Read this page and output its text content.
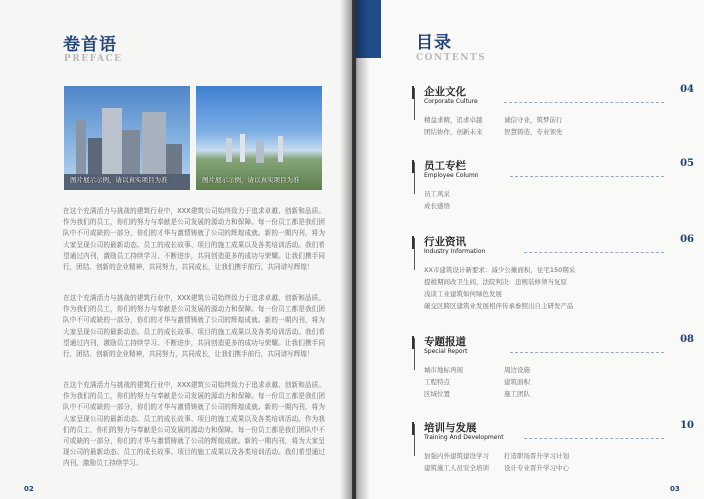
卷首语
PREFACE
图片展示示例，请以真实项目为准	图片展示示例，请以真实项目为准
在这个充满活力与挑战的建筑行业中，XXX建筑公司始终致力于追求卓越、创新和品质。作为我们的员工，你们的努力与奉献是公司发展的源动力和保障。每一份员工都是我们团队中不可或缺的一部分，你们的才华与激情铸就了公司的辉煌成就。新的一期内刊，将为大家呈现公司的最新动态、员工的成长故事、项目的施工成果以及各类培训活动。我们希望通过内刊，激励员工持续学习、不断进步，共同创造更多的成功与荣耀。让我们携手同行，团结、创新的企业精神，共同努力，共同成长，让我们携手前行，共同谱写辉煌！
在这个充满活力与挑战的建筑行业中，XXX建筑公司始终致力于追求卓越、创新和品质。作为我们的员工，你们的努力与奉献是公司发展的源动力和保障。每一份员工都是我们团队中不可或缺的一部分，你们的才华与激情铸就了公司的辉煌成就。新的一期内刊，将为大家呈现公司的最新动态、员工的成长故事、项目的施工成果以及各类培训活动。我们希望通过内刊，激励员工持续学习、不断进步，共同创造更多的成功与荣耀。让我们携手同行，团结、创新的企业精神，共同努力，共同成长，让我们携手前行，共同谱写辉煌！
在这个充满活力与挑战的建筑行业中，XXX建筑公司始终致力于追求卓越、创新和品质。作为我们的员工，你们的努力与奉献是公司发展的源动力和保障。每一份员工都是我们团队中不可或缺的一部分，你们的才华与激情铸就了公司的辉煌成就。新的一期内刊，将为大家呈现公司的最新动态、员工的成长故事、项目的施工成果以及各类培训活动。作为我们的员工，你们的努力与奉献是公司发展的源动力和保障。每一份员工都是我们团队中不可或缺的一部分，你们的才华与激情铸就了公司的辉煌成就。新的一期内刊，将为大家呈现公司的最新动态、员工的成长故事、项目的施工成果以及各类培训活动。我们希望通过内刊，激励员工持续学习。
02
目录
CONTENTS
企业文化
Corporate Culture
04
精益求精，追求卓越	诚信守业，筑梦前行
团结协作，创新未来	智慧铸造，专业领先
员工专栏
Employee Column
05
员工风采
成长感悟
行业资讯
Industry Information
06
XX市建筑设计新要求：减少公摊面积，住宅150期采
提税期间改卫生间，法院判决：违规装修须当复原
浅谈工业建筑如何绿色发展
碳交区跨区建筑业发展相伴传承参照出自主研发产品
专题报道
Special Report
08
城市地标再现	周边设施
工程特点	建筑面积
区域位置	施工团队
培训与发展
Training And Development
10
加强内外建筑建设学习	打造职场晋升学习计划
建筑施工人员安全培训	设计专业晋升学习中心
03
